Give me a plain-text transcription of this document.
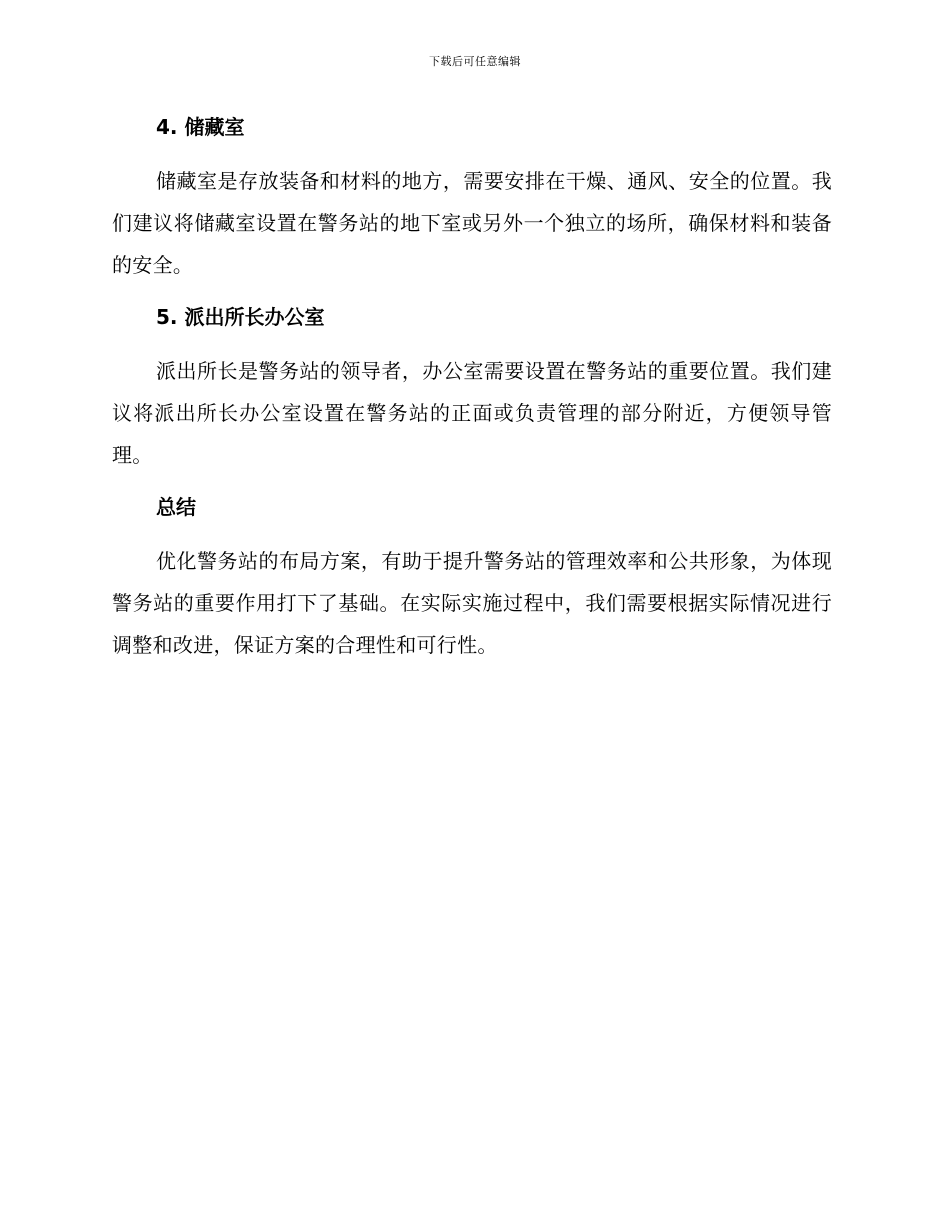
下载后可任意编辑
4. 储藏室

储藏室是存放装备和材料的地方，需要安排在干燥、通风、安全的位置。我们建议将储藏室设置在警务站的地下室或另外一个独立的场所，确保材料和装备的安全。

5. 派出所长办公室

派出所长是警务站的领导者，办公室需要设置在警务站的重要位置。我们建议将派出所长办公室设置在警务站的正面或负责管理的部分附近，方便领导管理。

总结

优化警务站的布局方案，有助于提升警务站的管理效率和公共形象，为体现警务站的重要作用打下了基础。在实际实施过程中，我们需要根据实际情况进行调整和改进，保证方案的合理性和可行性。
